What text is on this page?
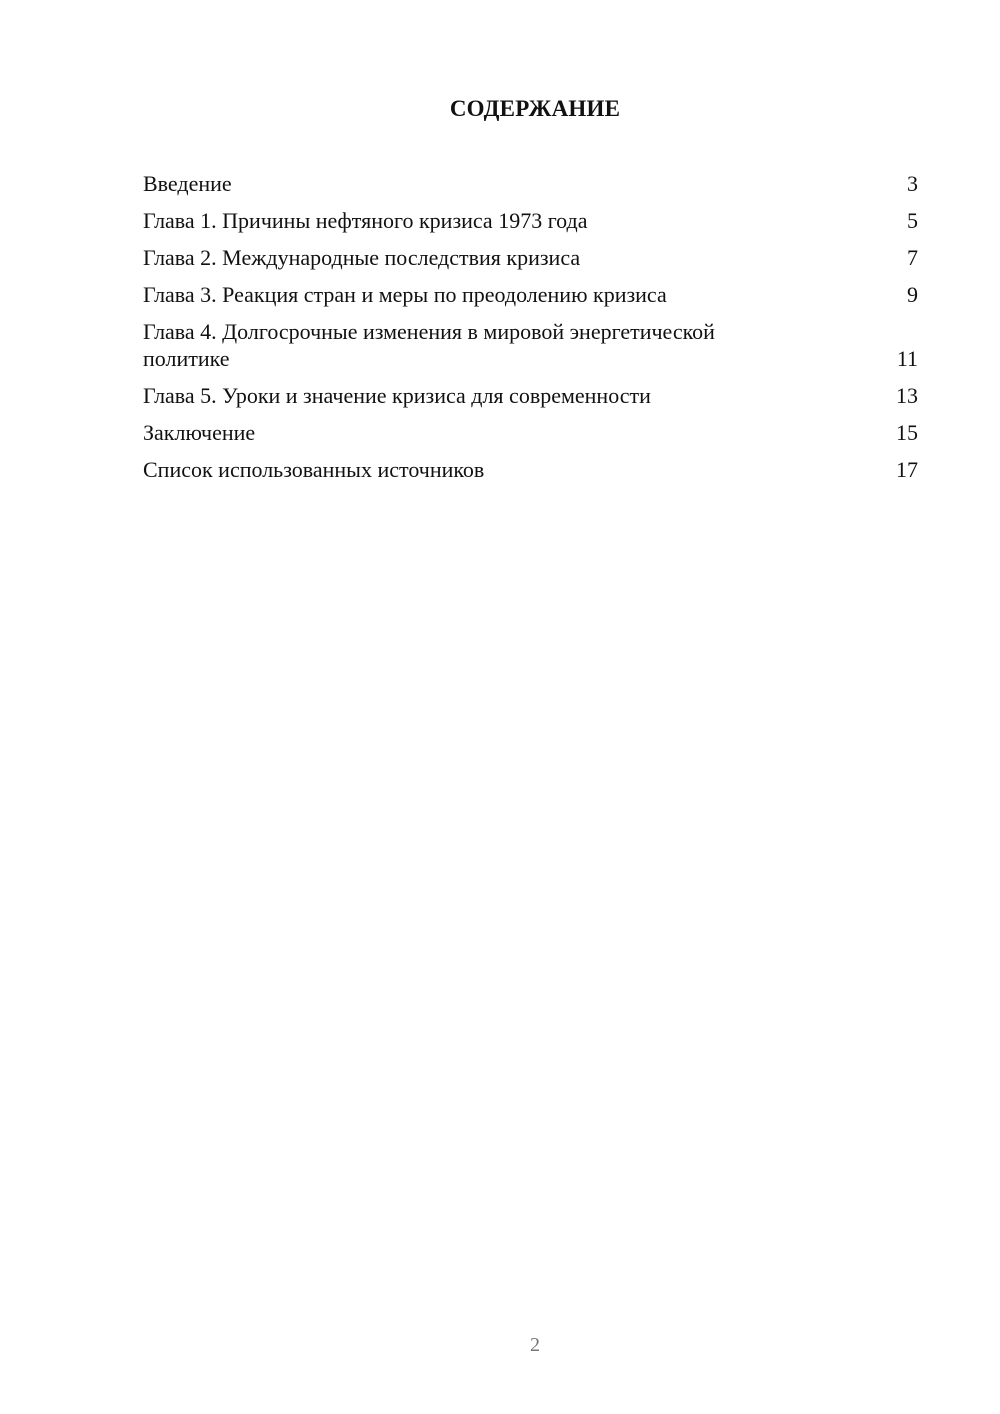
СОДЕРЖАНИЕ
Введение	3
Глава 1. Причины нефтяного кризиса 1973 года	5
Глава 2. Международные последствия кризиса	7
Глава 3. Реакция стран и меры по преодолению кризиса	9
Глава 4. Долгосрочные изменения в мировой энергетической политике	11
Глава 5. Уроки и значение кризиса для современности	13
Заключение	15
Список использованных источников	17
2
